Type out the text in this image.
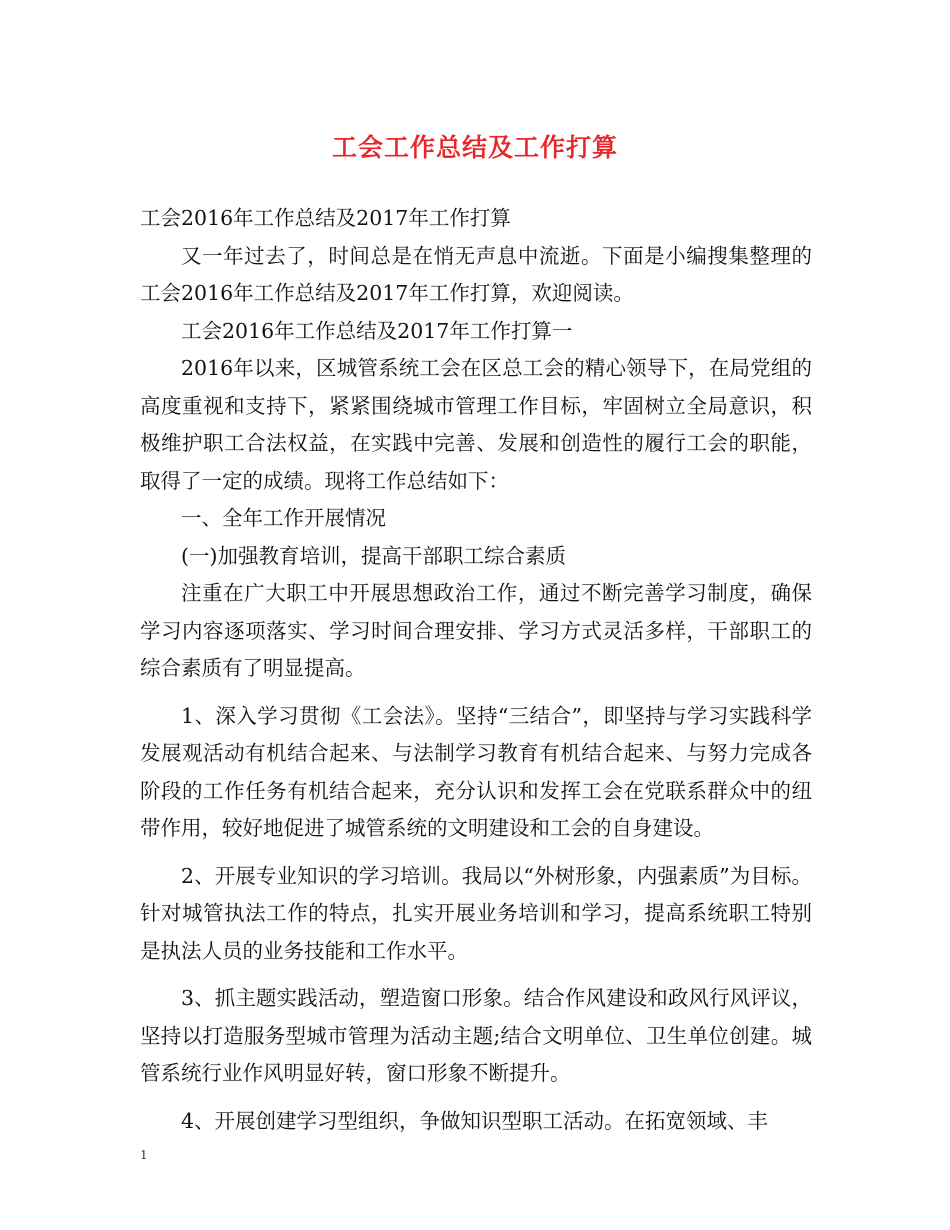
工会工作总结及工作打算

工会2016年工作总结及2017年工作打算

又一年过去了，时间总是在悄无声息中流逝。下面是小编搜集整理的工会2016年工作总结及2017年工作打算，欢迎阅读。

工会2016年工作总结及2017年工作打算一

2016年以来，区城管系统工会在区总工会的精心领导下，在局党组的高度重视和支持下，紧紧围绕城市管理工作目标，牢固树立全局意识，积极维护职工合法权益，在实践中完善、发展和创造性的履行工会的职能，取得了一定的成绩。现将工作总结如下：

一、全年工作开展情况

(一)加强教育培训，提高干部职工综合素质

注重在广大职工中开展思想政治工作，通过不断完善学习制度，确保学习内容逐项落实、学习时间合理安排、学习方式灵活多样，干部职工的综合素质有了明显提高。

1、深入学习贯彻《工会法》。坚持“三结合”，即坚持与学习实践科学发展观活动有机结合起来、与法制学习教育有机结合起来、与努力完成各阶段的工作任务有机结合起来，充分认识和发挥工会在党联系群众中的纽带作用，较好地促进了城管系统的文明建设和工会的自身建设。

2、开展专业知识的学习培训。我局以“外树形象，内强素质”为目标。针对城管执法工作的特点，扎实开展业务培训和学习，提高系统职工特别是执法人员的业务技能和工作水平。

3、抓主题实践活动，塑造窗口形象。结合作风建设和政风行风评议，坚持以打造服务型城市管理为活动主题;结合文明单位、卫生单位创建。城管系统行业作风明显好转，窗口形象不断提升。

4、开展创建学习型组织，争做知识型职工活动。在拓宽领域、丰

1
